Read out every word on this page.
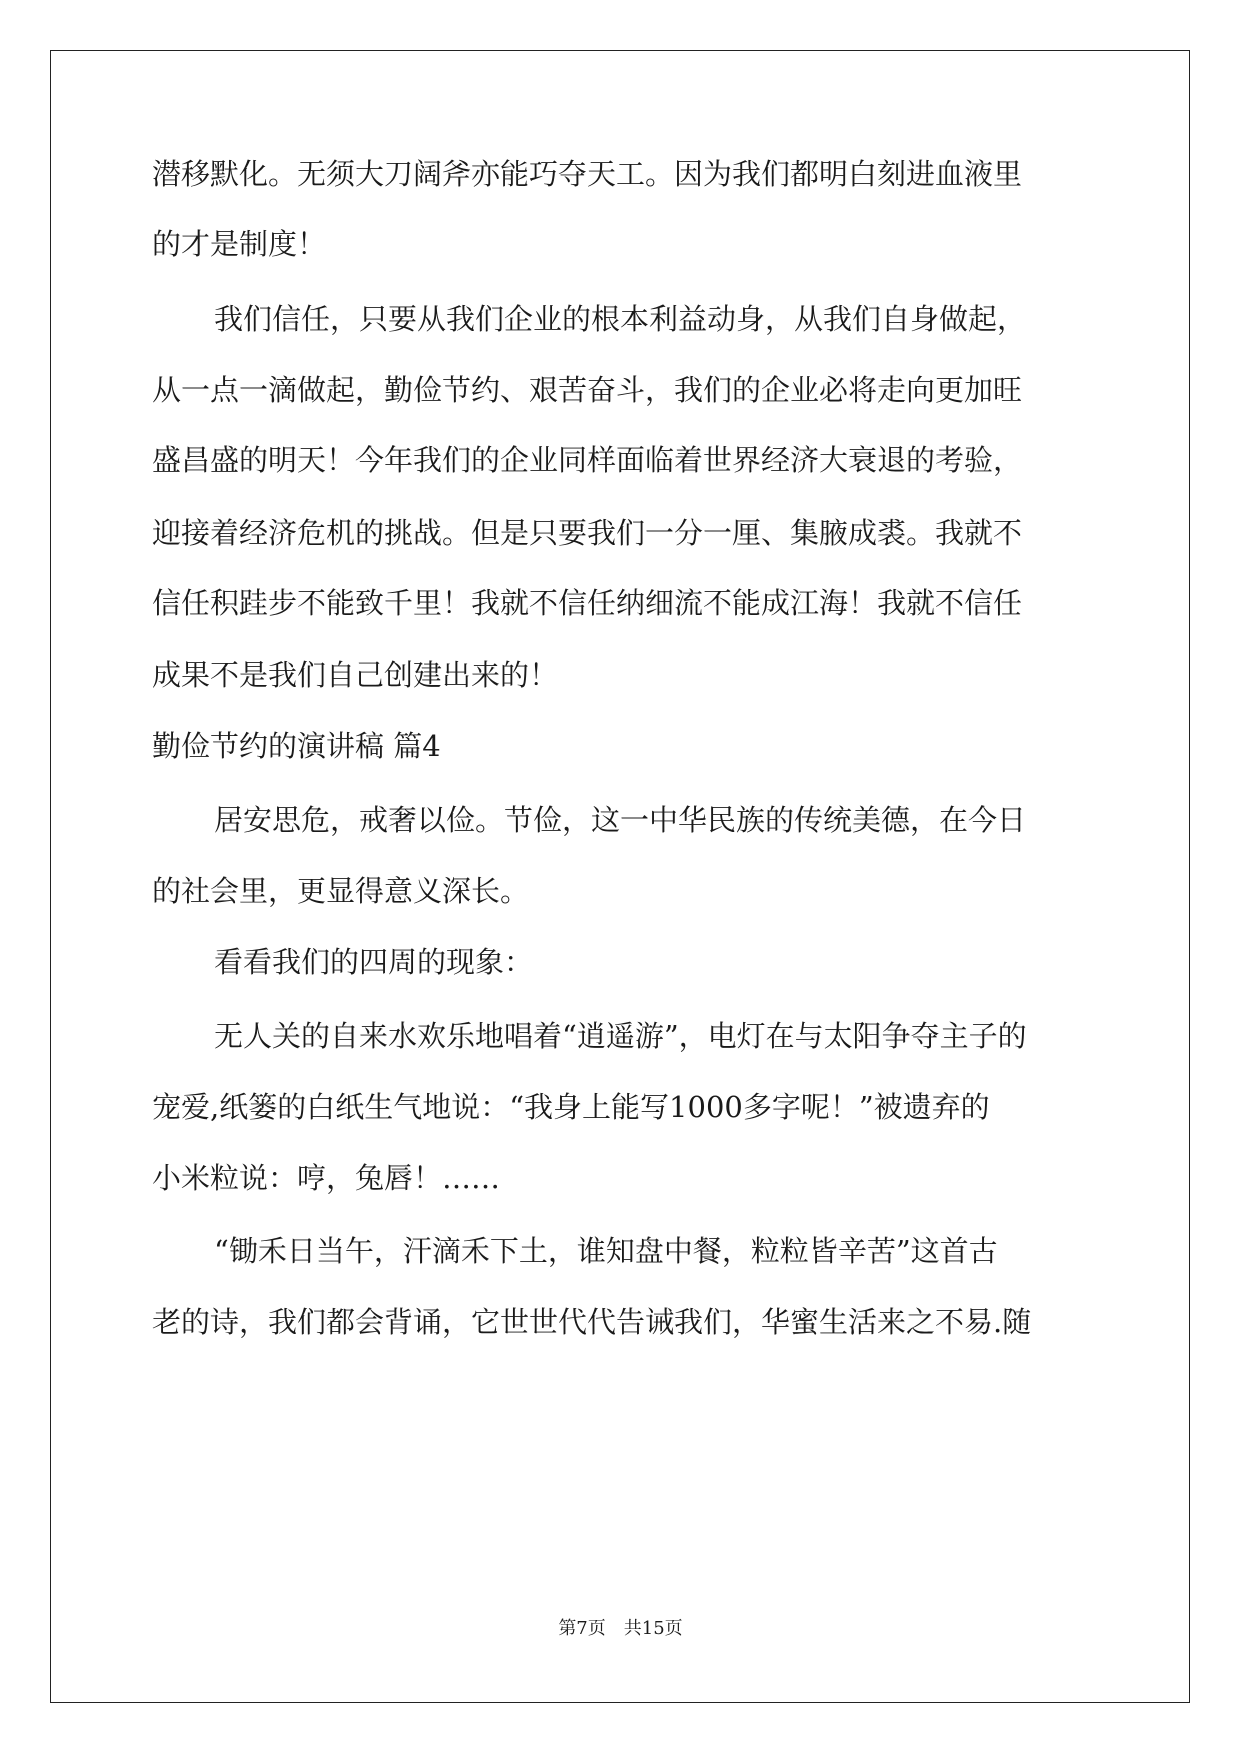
潜移默化。无须大刀阔斧亦能巧夺天工。因为我们都明白刻进血液里
的才是制度！
我们信任，只要从我们企业的根本利益动身，从我们自身做起，
从一点一滴做起，勤俭节约、艰苦奋斗，我们的企业必将走向更加旺
盛昌盛的明天！今年我们的企业同样面临着世界经济大衰退的考验，
迎接着经济危机的挑战。但是只要我们一分一厘、集腋成裘。我就不
信任积跬步不能致千里！我就不信任纳细流不能成江海！我就不信任
成果不是我们自己创建出来的！
勤俭节约的演讲稿 篇4
居安思危，戒奢以俭。节俭，这一中华民族的传统美德，在今日
的社会里，更显得意义深长。
看看我们的四周的现象：
无人关的自来水欢乐地唱着“逍遥游”，电灯在与太阳争夺主子的
宠爱,纸篓的白纸生气地说：“我身上能写1000多字呢！”被遗弃的
小米粒说：哼，兔唇！……
“锄禾日当午，汗滴禾下土，谁知盘中餐，粒粒皆辛苦”这首古
老的诗，我们都会背诵，它世世代代告诫我们，华蜜生活来之不易.随
第7页　共15页
